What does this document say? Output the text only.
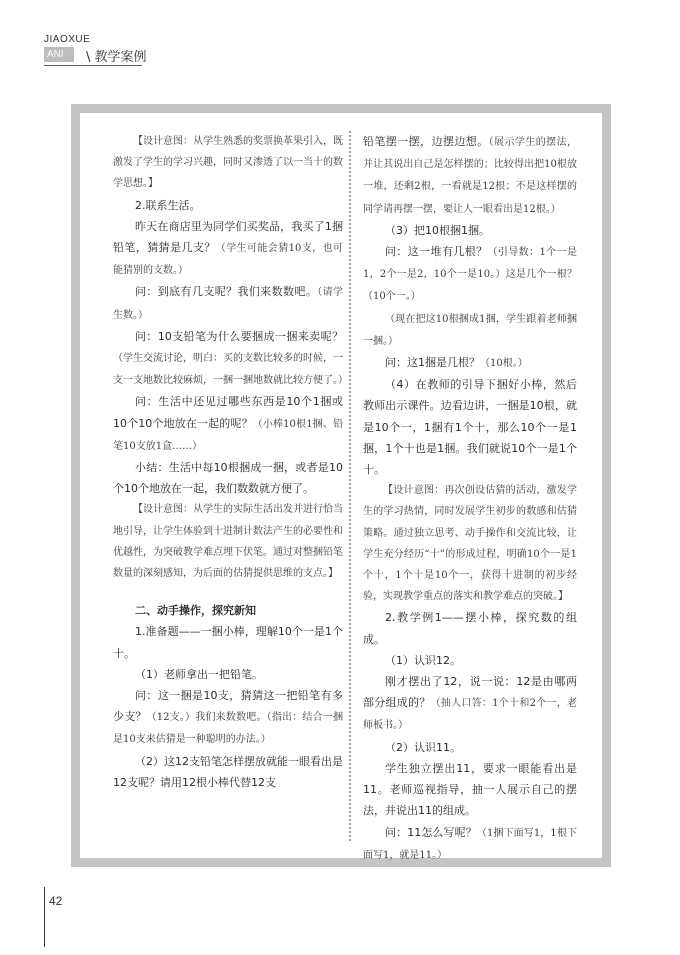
JIAOXUE
ANI	\ 教学案例

【设计意图：从学生熟悉的奖票换革果引入，既激发了学生的学习兴趣，同时又渗透了以一当十的数学思想。】

2.联系生活。

昨天在商店里为同学们买奖品，我买了1捆铅笔，猜猜是几支？（学生可能会猜10支，也可能猜别的支数。）

问：到底有几支呢？我们来数数吧。（请学生数。）

问：10支铅笔为什么要捆成一捆来卖呢？（学生交流讨论，明白：买的支数比较多的时候，一支一支地数比较麻烦，一捆一捆地数就比较方便了。）

问：生活中还见过哪些东西是10个1捆或10个10个地放在一起的呢？（小棒10根1捆、铅笔10支放1盒……）

小结：生活中每10根捆成一捆，或者是10个10个地放在一起，我们数数就方便了。

【设计意图：从学生的实际生活出发并进行恰当地引导，让学生体验到十进制计数法产生的必要性和优越性，为突破教学难点埋下伏笔。通过对整捆铅笔数量的深刻感知，为后面的估猜提供思维的支点。】

二、动手操作，探究新知

1.准备题——一捆小棒，理解10个一是1个十。

（1）老师拿出一把铅笔。

问：这一捆是10支，猜猜这一把铅笔有多少支？（12支。）我们来数数吧。（指出：结合一捆是10支来估猜是一种聪明的办法。）

（2）这12支铅笔怎样摆放就能一眼看出是12支呢？请用12根小棒代替12支

铅笔摆一摆，边摆边想。（展示学生的摆法，并让其说出自己是怎样摆的；比较得出把10根放一堆，还剩2根，一看就是12根；不是这样摆的同学请再摆一摆，要让人一眼看出是12根。）

（3）把10根捆1捆。

问：这一堆有几根？（引导数：1个一是1，2个一是2，10个一是10。）这是几个一根？（10个一。）

（现在把这10根捆成1捆，学生跟着老师捆一捆。）

问：这1捆是几根？（10根。）

（4）在教师的引导下捆好小棒，然后教师出示课件。边看边讲，一捆是10根，就是10个一，1捆有1个十，那么10个一是1捆，1个十也是1捆。我们就说10个一是1个十。

【设计意图：再次创设估猜的活动，激发学生的学习热情，同时发展学生初步的数感和估猜策略。通过独立思考、动手操作和交流比较，让学生充分经历“十”的形成过程，明确10个一是1个十，1个十是10个一，获得十进制的初步经验，实现教学重点的落实和教学难点的突破。】

2.教学例1——摆小棒，探究数的组成。

（1）认识12。

刚才摆出了12，说一说：12是由哪两部分组成的？（抽人口答：1个十和2个一，老师板书。）

（2）认识11。

学生独立摆出11，要求一眼能看出是11。老师巡视指导，抽一人展示自己的摆法，并说出11的组成。

问：11怎么写呢？（1捆下面写1，1根下面写1，就是11。）

42
